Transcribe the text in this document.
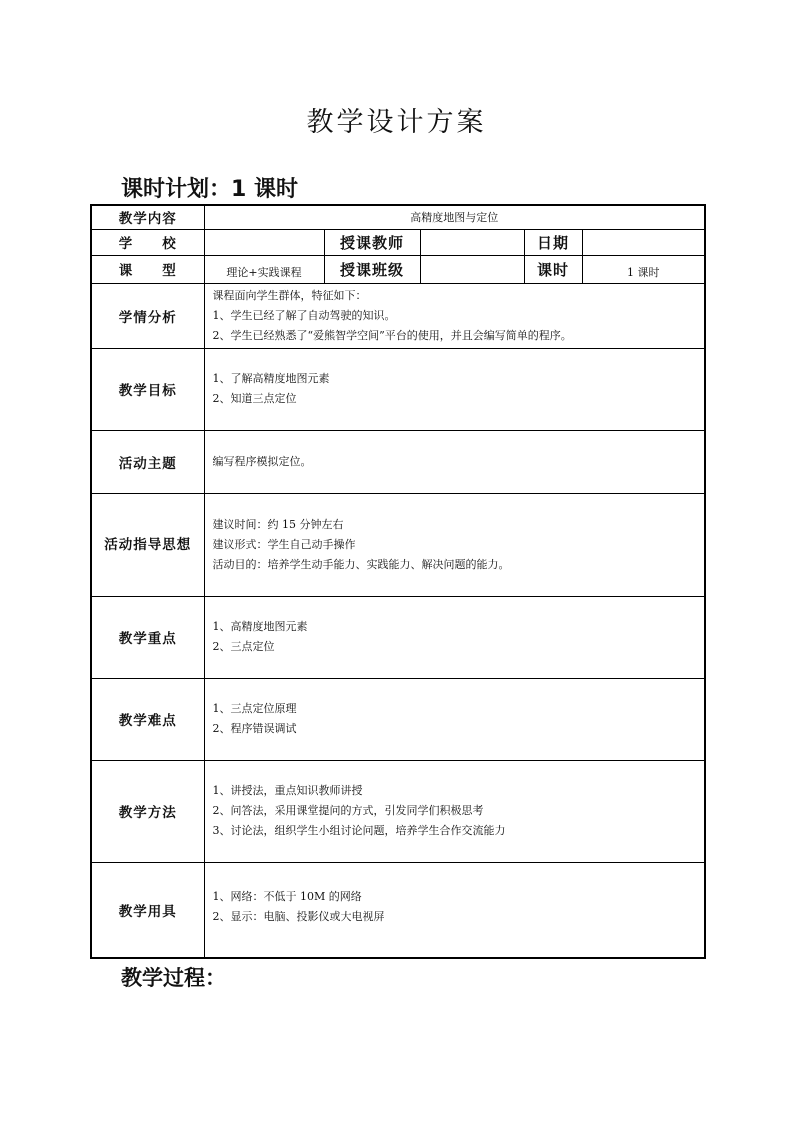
教学设计方案
课时计划：1 课时
教学内容	高精度地图与定位				
学　　校		授课教师		日期	
课　　型	理论+实践课程	授课班级		课时	1 课时
学情分析	课程面向学生群体，特征如下：
1、学生已经了解了自动驾驶的知识。
2、学生已经熟悉了“爱熊智学空间”平台的使用，并且会编写简单的程序。				

教学目标	1、了解高精度地图元素
2、知道三点定位				

活动主题	编写程序模拟定位。				

活动指导思想	建议时间：约 15 分钟左右
建议形式：学生自己动手操作
活动目的：培养学生动手能力、实践能力、解决问题的能力。				

教学重点	1、高精度地图元素
2、三点定位				

教学难点	1、三点定位原理
2、程序错误调试				

教学方法	1、讲授法，重点知识教师讲授
2、问答法，采用课堂提问的方式，引发同学们积极思考
3、讨论法，组织学生小组讨论问题，培养学生合作交流能力				

教学用具	1、网络：不低于 10M 的网络
2、显示：电脑、投影仪或大电视屏				
教学过程：
